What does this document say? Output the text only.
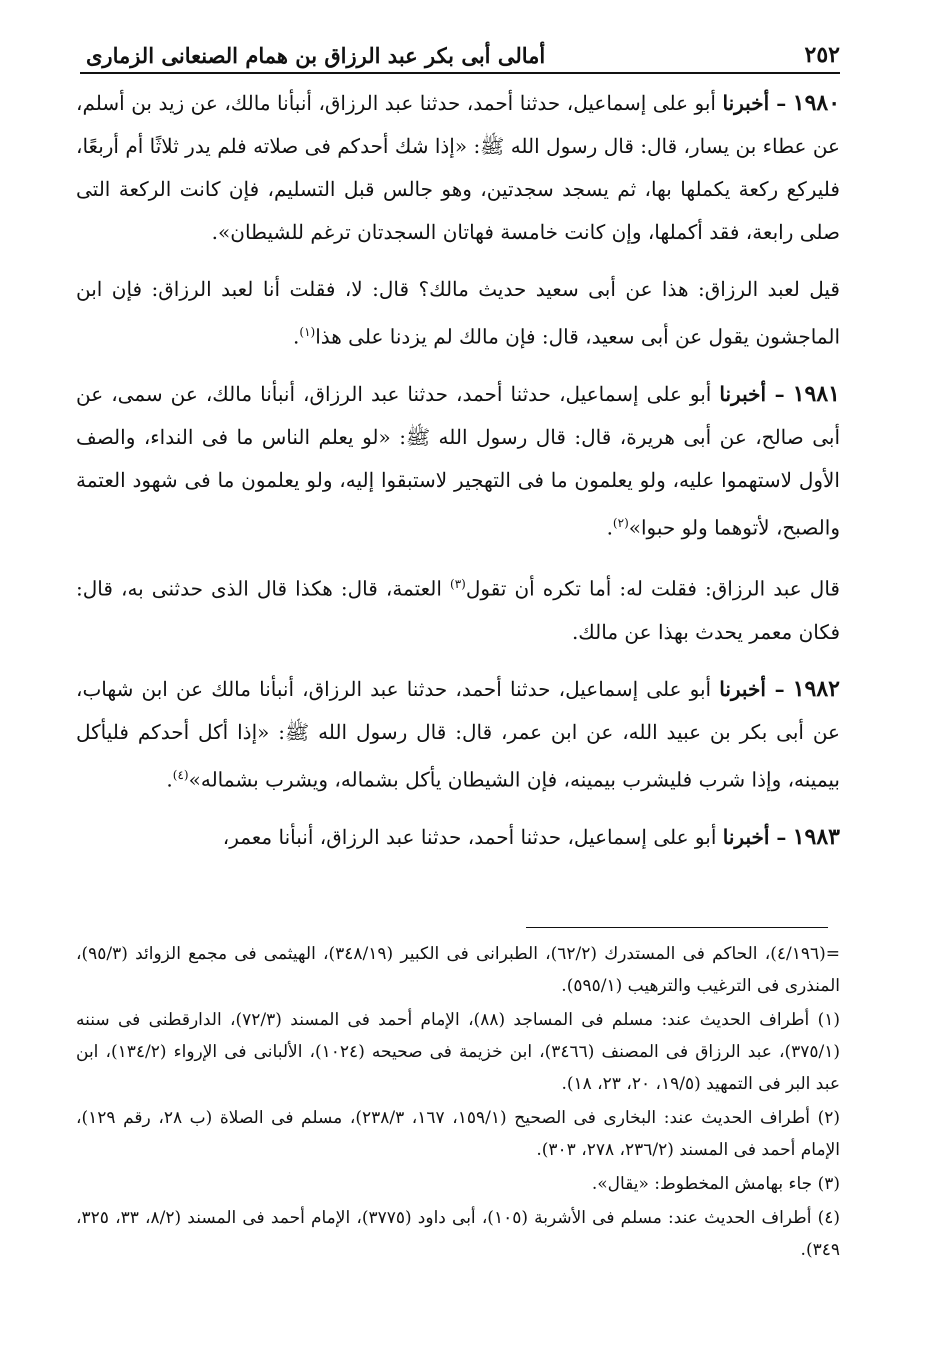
٢٥٢
أمالى أبى بكر عبد الرزاق بن همام الصنعانى الزمارى

١٩٨٠ – أخبرنا أبو على إسماعيل، حدثنا أحمد، حدثنا عبد الرزاق، أنبأنا مالك، عن زيد بن أسلم، عن عطاء بن يسار، قال: قال رسول الله ﷺ: «إذا شك أحدكم فى صلاته فلم يدر ثلاثًا أم أربعًا، فليركع ركعة يكملها بها، ثم يسجد سجدتين، وهو جالس قبل التسليم، فإن كانت الركعة التى صلى رابعة، فقد أكملها، وإن كانت خامسة فهاتان السجدتان ترغم للشيطان».

قيل لعبد الرزاق: هذا عن أبى سعيد حديث مالك؟ قال: لا، فقلت أنا لعبد الرزاق: فإن ابن الماجشون يقول عن أبى سعيد، قال: فإن مالك لم يزدنا على هذا$^{(١)}$.

١٩٨١ – أخبرنا أبو على إسماعيل، حدثنا أحمد، حدثنا عبد الرزاق، أنبأنا مالك، عن سمى، عن أبى صالح، عن أبى هريرة، قال: قال رسول الله ﷺ: «لو يعلم الناس ما فى النداء، والصف الأول لاستهموا عليه، ولو يعلمون ما فى التهجير لاستبقوا إليه، ولو يعلمون ما فى شهود العتمة والصبح، لأتوهما ولو حبوا»$^{(٢)}$.

قال عبد الرزاق: فقلت له: أما تكره أن تقول$^{(٣)}$ العتمة، قال: هكذا قال الذى حدثنى به، قال: فكان معمر يحدث بهذا عن مالك.

١٩٨٢ – أخبرنا أبو على إسماعيل، حدثنا أحمد، حدثنا عبد الرزاق، أنبأنا مالك عن ابن شهاب، عن أبى بكر بن عبيد الله، عن ابن عمر، قال: قال رسول الله ﷺ: «إذا أكل أحدكم فليأكل بيمينه، وإذا شرب فليشرب بيمينه، فإن الشيطان يأكل بشماله، ويشرب بشماله»$^{(٤)}$.

١٩٨٣ – أخبرنا أبو على إسماعيل، حدثنا أحمد، حدثنا عبد الرزاق، أنبأنا معمر،

=(٤/١٩٦)، الحاكم فى المستدرك (٦٢/٢)، الطبرانى فى الكبير (٣٤٨/١٩)، الهيثمى فى مجمع الزوائد (٩٥/٣)، المنذرى فى الترغيب والترهيب (٥٩٥/١).

(١) أطراف الحديث عند: مسلم فى المساجد (٨٨)، الإمام أحمد فى المسند (٧٢/٣)، الدارقطنى فى سننه (٣٧٥/١)، عبد الرزاق فى المصنف (٣٤٦٦)، ابن خزيمة فى صحيحه (١٠٢٤)، الألبانى فى الإرواء (١٣٤/٢)، ابن عبد البر فى التمهيد (١٩/٥، ٢٠، ٢٣، ١٨).

(٢) أطراف الحديث عند: البخارى فى الصحيح (١٥٩/١، ١٦٧، ٢٣٨/٣)، مسلم فى الصلاة (ب ٢٨، رقم ١٢٩)، الإمام أحمد فى المسند (٢٣٦/٢، ٢٧٨، ٣٠٣).

(٣) جاء بهامش المخطوط: «يقال».

(٤) أطراف الحديث عند: مسلم فى الأشربة (١٠٥)، أبى داود (٣٧٧٥)، الإمام أحمد فى المسند (٨/٢، ٣٣، ٣٢٥، ٣٤٩).
